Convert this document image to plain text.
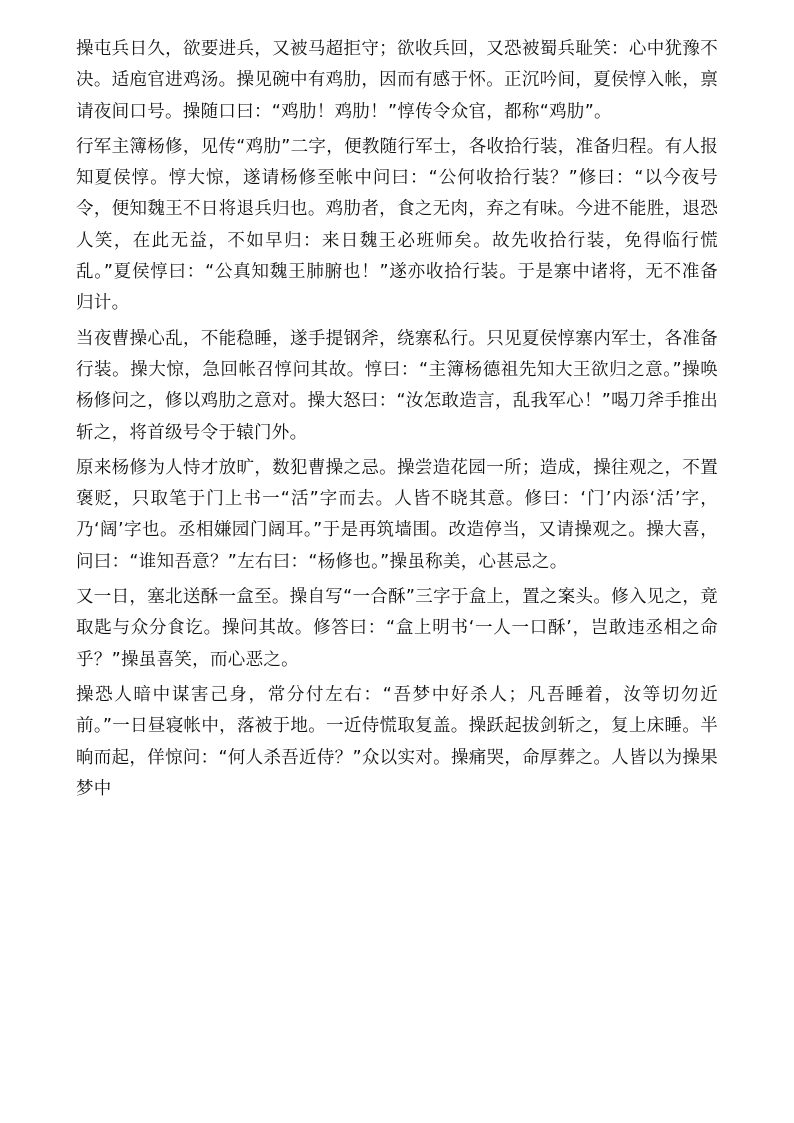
操屯兵日久，欲要进兵，又被马超拒守；欲收兵回，又恐被蜀兵耻笑：心中犹豫不决。适庖官进鸡汤。操见碗中有鸡肋，因而有感于怀。正沉吟间，夏侯惇入帐，禀请夜间口号。操随口曰：“鸡肋！鸡肋！”惇传令众官，都称“鸡肋”。

行军主簿杨修，见传“鸡肋”二字，便教随行军士，各收拾行装，准备归程。有人报知夏侯惇。惇大惊，遂请杨修至帐中问曰：“公何收拾行装？”修曰：“以今夜号令，便知魏王不日将退兵归也。鸡肋者，食之无肉，弃之有味。今进不能胜，退恐人笑，在此无益，不如早归：来日魏王必班师矣。故先收拾行装，免得临行慌乱。”夏侯惇曰：“公真知魏王肺腑也！”遂亦收拾行装。于是寨中诸将，无不准备归计。

当夜曹操心乱，不能稳睡，遂手提钢斧，绕寨私行。只见夏侯惇寨内军士，各准备行装。操大惊，急回帐召惇问其故。惇曰：“主簿杨德祖先知大王欲归之意。”操唤杨修问之，修以鸡肋之意对。操大怒曰：“汝怎敢造言，乱我军心！”喝刀斧手推出斩之，将首级号令于辕门外。

原来杨修为人恃才放旷，数犯曹操之忌。操尝造花园一所；造成，操往观之，不置褒贬，只取笔于门上书一“活”字而去。人皆不晓其意。修曰：‘门’内添‘活’字，乃‘阔’字也。丞相嫌园门阔耳。”于是再筑墙围。改造停当，又请操观之。操大喜，问曰：“谁知吾意？”左右曰：“杨修也。”操虽称美，心甚忌之。

又一日，塞北送酥一盒至。操自写“一合酥”三字于盒上，置之案头。修入见之，竟取匙与众分食讫。操问其故。修答曰：“盒上明书‘一人一口酥’，岂敢违丞相之命乎？”操虽喜笑，而心恶之。

操恐人暗中谋害己身，常分付左右：“吾梦中好杀人；凡吾睡着，汝等切勿近前。”一日昼寝帐中，落被于地。一近侍慌取复盖。操跃起拔剑斩之，复上床睡。半晌而起，佯惊问：“何人杀吾近侍？”众以实对。操痛哭，命厚葬之。人皆以为操果梦中
